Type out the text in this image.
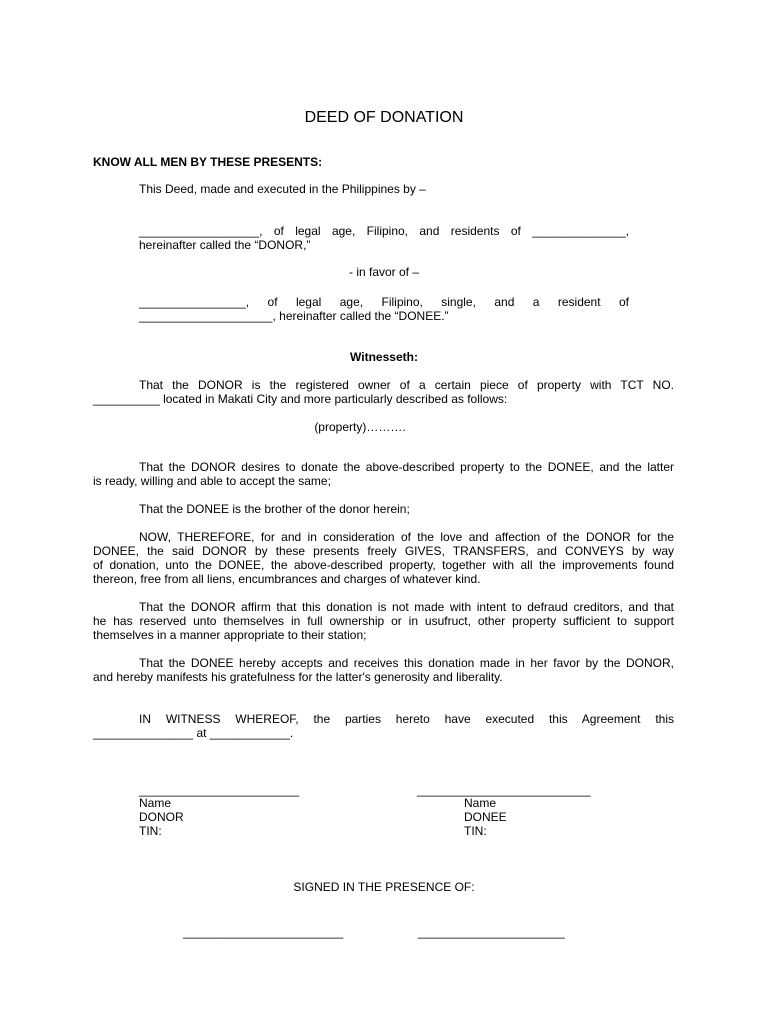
DEED OF DONATION
KNOW ALL MEN BY THESE PRESENTS:
This Deed, made and executed in the Philippines by –
__________________, of legal age, Filipino, and residents of ______________,
hereinafter called the “DONOR,”
- in favor of –
________________, of legal age, Filipino, single, and a resident of
____________________, hereinafter called the “DONEE.”
Witnesseth:
That the DONOR is the registered owner of a certain piece of property with TCT NO.
__________ located in Makati City and more particularly described as follows:
(property)……….
That the DONOR desires to donate the above-described property to the DONEE, and the latter
is ready, willing and able to accept the same;
That the DONEE is the brother of the donor herein;
NOW, THEREFORE, for and in consideration of the love and affection of the DONOR for the
DONEE, the said DONOR by these presents freely GIVES, TRANSFERS, and CONVEYS by way
of donation, unto the DONEE, the above-described property, together with all the improvements found
thereon, free from all liens, encumbrances and charges of whatever kind.
That the DONOR affirm that this donation is not made with intent to defraud creditors, and that
he has reserved unto themselves in full ownership or in usufruct, other property sufficient to support
themselves in a manner appropriate to their station;
That the DONEE hereby accepts and receives this donation made in her favor by the DONOR,
and hereby manifests his gratefulness for the latter's generosity and liberality.
IN WITNESS WHEREOF, the parties hereto have executed this Agreement this
_______________ at ____________.
________________________
Name
DONOR
TIN:
__________________________
Name
DONEE
TIN:
SIGNED IN THE PRESENCE OF:
________________________	______________________
